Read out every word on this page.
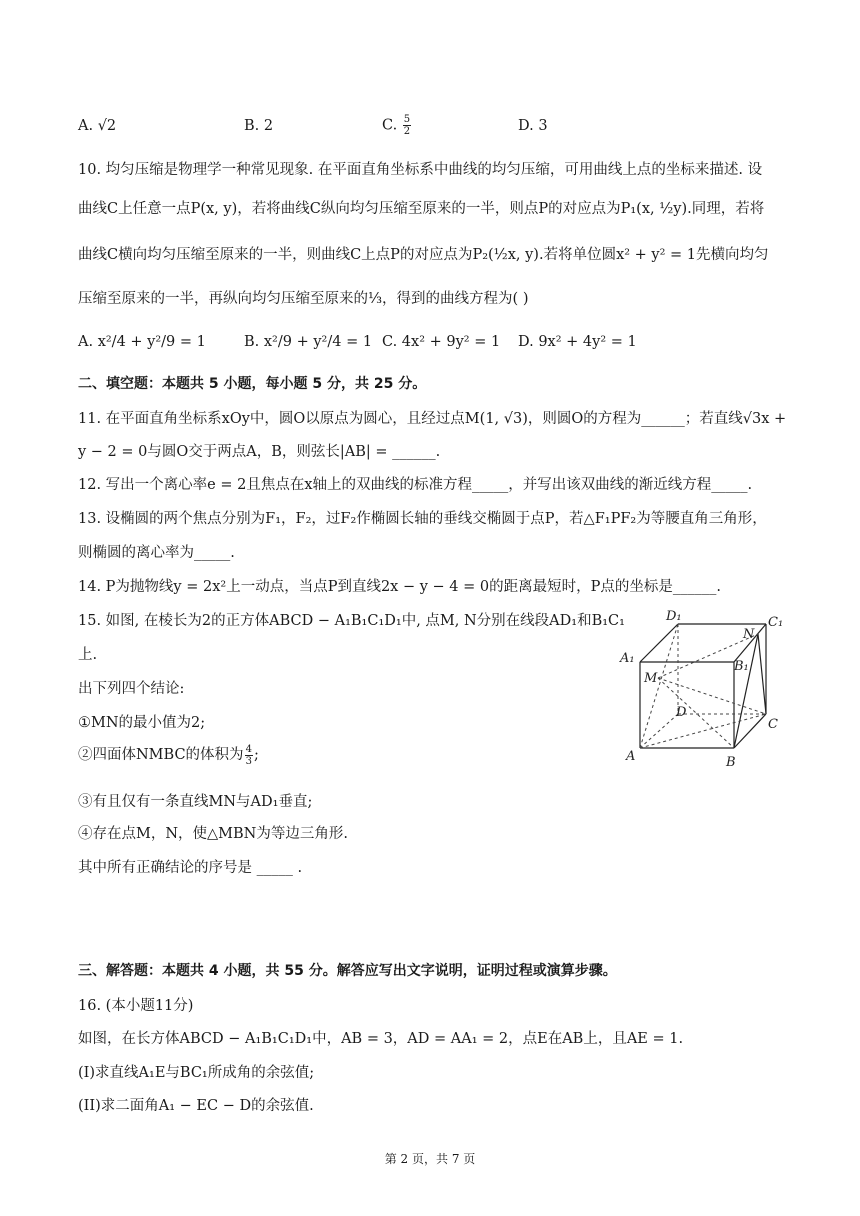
A. √2	B. 2	C. $\frac{5}{2}$	D. 3
10. 均匀压缩是物理学一种常见现象. 在平面直角坐标系中曲线的均匀压缩，可用曲线上点的坐标来描述. 设
曲线C上任意一点P(x, y)，若将曲线C纵向均匀压缩至原来的一半，则点P的对应点为P₁(x, ½y).同理，若将
曲线C横向均匀压缩至原来的一半，则曲线C上点P的对应点为P₂(½x, y).若将单位圆x² + y² = 1先横向均匀
压缩至原来的一半，再纵向均匀压缩至原来的⅓，得到的曲线方程为( )
A. x²/4 + y²/9 = 1	B. x²/9 + y²/4 = 1 C. 4x² + 9y² = 1 D. 9x² + 4y² = 1
二、填空题：本题共 5 小题，每小题 5 分，共 25 分。
11. 在平面直角坐标系xOy中，圆O以原点为圆心，且经过点M(1, √3)，则圆O的方程为______；若直线√3x +
y − 2 = 0与圆O交于两点A，B，则弦长|AB| = ______.
12. 写出一个离心率e = 2且焦点在x轴上的双曲线的标准方程_____，并写出该双曲线的渐近线方程_____.
13. 设椭圆的两个焦点分别为F₁，F₂，过F₂作椭圆长轴的垂线交椭圆于点P，若△F₁PF₂为等腰直角三角形，
则椭圆的离心率为_____.
14. P为抛物线y = 2x²上一动点，当点P到直线2x − y − 4 = 0的距离最短时，P点的坐标是______.
15. 如图, 在棱长为2的正方体ABCD − A₁B₁C₁D₁中, 点M, N分别在线段AD₁和B₁C₁
上.
出下列四个结论:
①MN的最小值为2;
②四面体NMBC的体积为 $\frac{4}{3}$ ;
③有且仅有一条直线MN与AD₁垂直;
④存在点M，N，使△MBN为等边三角形.
其中所有正确结论的序号是 _____ .
D₁	C₁
N
A₁
B₁
M
D
C
A	B
三、解答题：本题共 4 小题，共 55 分。解答应写出文字说明，证明过程或演算步骤。
16. (本小题11分)
如图，在长方体ABCD − A₁B₁C₁D₁中，AB = 3，AD = AA₁ = 2，点E在AB上，且AE = 1.
(I)求直线A₁E与BC₁所成角的余弦值;
(II)求二面角A₁ − EC − D的余弦值.
第 2 页，共 7 页
